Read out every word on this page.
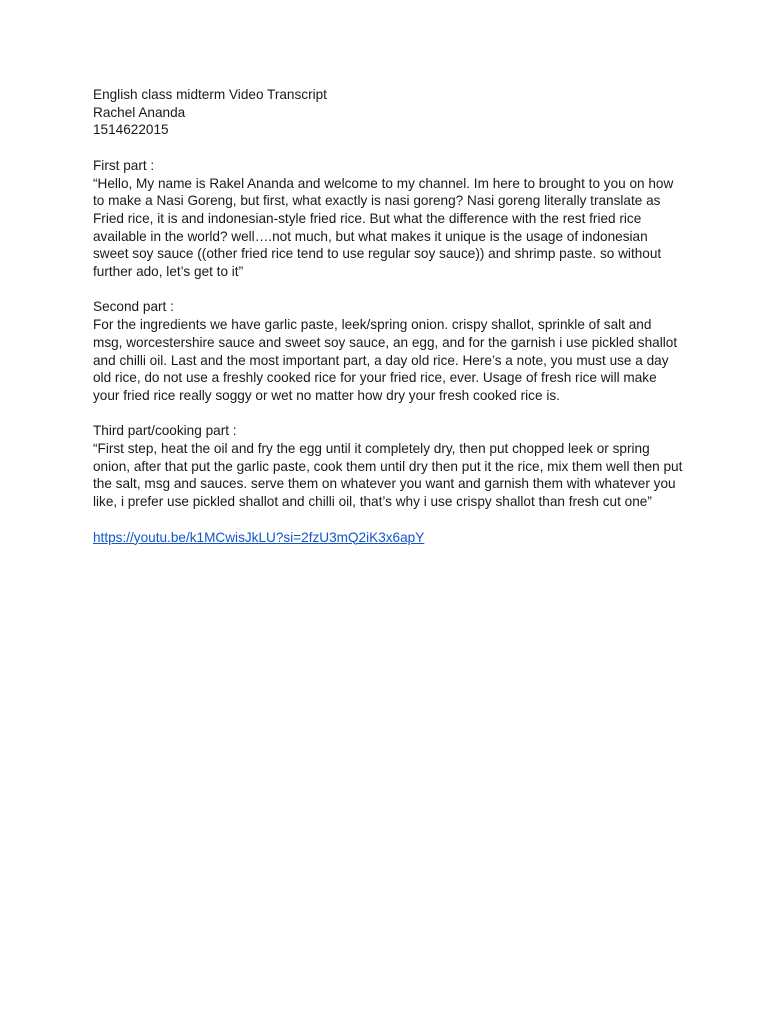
English class midterm Video Transcript
Rachel Ananda
1514622015
First part :

“Hello, My name is Rakel Ananda and welcome to my channel. Im here to brought to you on how to make a Nasi Goreng, but first, what exactly is nasi goreng? Nasi goreng literally translate as Fried rice, it is and indonesian-style fried rice. But what the difference with the rest fried rice available in the world? well….not much, but what makes it unique is the usage of indonesian sweet soy sauce ((other fried rice tend to use regular soy sauce)) and shrimp paste. so without further ado, let’s get to it”

Second part :

For the ingredients we have garlic paste, leek/spring onion. crispy shallot, sprinkle of salt and msg, worcestershire sauce and sweet soy sauce, an egg, and for the garnish i use pickled shallot and chilli oil. Last and the most important part, a day old rice. Here’s a note, you must use a day old rice, do not use a freshly cooked rice for your fried rice, ever. Usage of fresh rice will make your fried rice really soggy or wet no matter how dry your fresh cooked rice is.

Third part/cooking part :

“First step, heat the oil and fry the egg until it completely dry, then put chopped leek or spring onion, after that put the garlic paste, cook them until dry then put it the rice, mix them well then put the salt, msg and sauces. serve them on whatever you want and garnish them with whatever you like, i prefer use pickled shallot and chilli oil, that’s why i use crispy shallot than fresh cut one”

https://youtu.be/k1MCwisJkLU?si=2fzU3mQ2iK3x6apY
